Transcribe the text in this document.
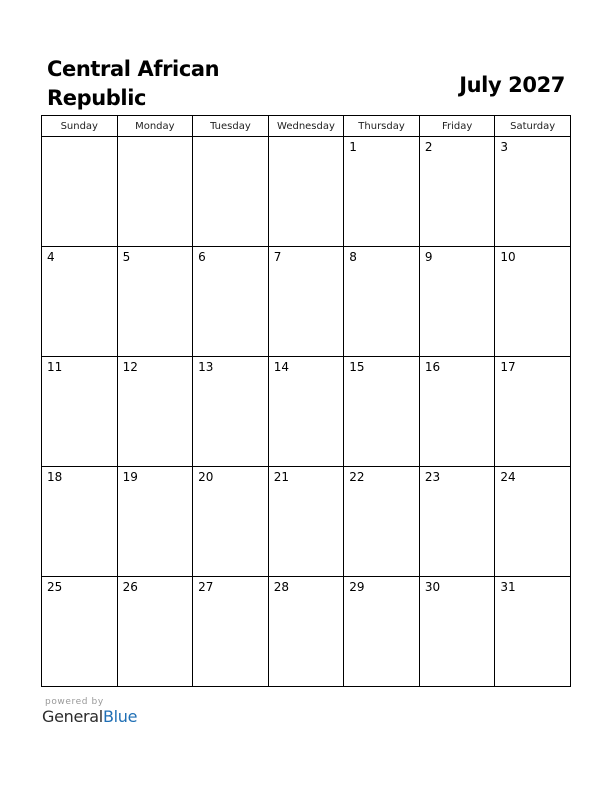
Central African
Republic
July 2027
Sunday	Monday	Tuesday	Wednesday	Thursday	Friday	Saturday

				1	2	3

4	5	6	7	8	9	10

11	12	13	14	15	16	17

18	19	20	21	22	23	24

25	26	27	28	29	30	31
powered by
GeneralBlue
